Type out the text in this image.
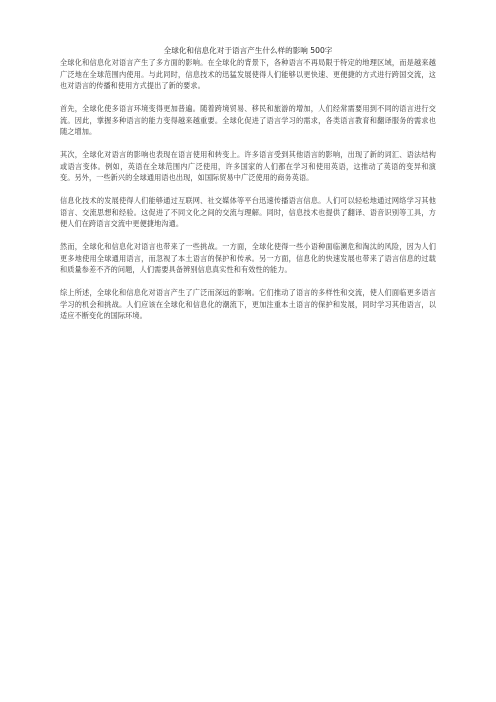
全球化和信息化对于语言产生什么样的影响 500字

全球化和信息化对语言产生了多方面的影响。在全球化的背景下，各种语言不再局限于特定的地理区域，而是越来越广泛地在全球范围内使用。与此同时，信息技术的迅猛发展使得人们能够以更快速、更便捷的方式进行跨国交流，这也对语言的传播和使用方式提出了新的要求。

首先，全球化使多语言环境变得更加普遍。随着跨境贸易、移民和旅游的增加，人们经常需要用到不同的语言进行交流。因此，掌握多种语言的能力变得越来越重要。全球化促进了语言学习的需求，各类语言教育和翻译服务的需求也随之增加。

其次，全球化对语言的影响也表现在语言使用和转变上。许多语言受到其他语言的影响，出现了新的词汇、语法结构或语言变体。例如，英语在全球范围内广泛使用，许多国家的人们都在学习和使用英语，这推动了英语的变异和演变。另外，一些新兴的全球通用语也出现，如国际贸易中广泛使用的商务英语。

信息化技术的发展使得人们能够通过互联网、社交媒体等平台迅速传播语言信息。人们可以轻松地通过网络学习其他语言、交流思想和经验。这促进了不同文化之间的交流与理解。同时，信息技术也提供了翻译、语音识别等工具，方便人们在跨语言交流中更便捷地沟通。

然而，全球化和信息化对语言也带来了一些挑战。一方面，全球化使得一些小语种面临濒危和淘汰的风险，因为人们更多地使用全球通用语言，而忽视了本土语言的保护和传承。另一方面，信息化的快速发展也带来了语言信息的过载和质量参差不齐的问题，人们需要具备辨别信息真实性和有效性的能力。

综上所述，全球化和信息化对语言产生了广泛而深远的影响。它们推动了语言的多样性和交流，使人们面临更多语言学习的机会和挑战。人们应该在全球化和信息化的潮流下，更加注重本土语言的保护和发展，同时学习其他语言，以适应不断变化的国际环境。
